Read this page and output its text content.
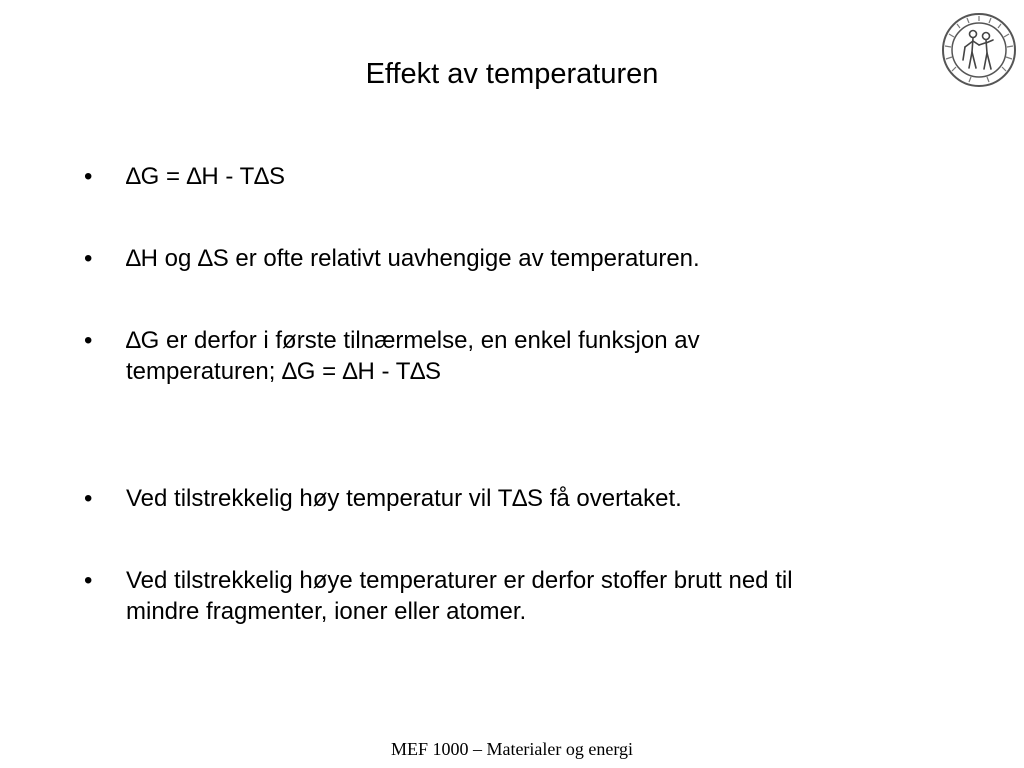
Effekt av temperaturen
•	∆G = ∆H - T∆S
•	∆H og ∆S er ofte relativt uavhengige av temperaturen.
•	∆G er derfor i første tilnærmelse, en enkel funksjon av
temperaturen; ∆G = ∆H - T∆S
•	Ved tilstrekkelig høy temperatur vil T∆S få overtaket.
•	Ved tilstrekkelig høye temperaturer er derfor stoffer brutt ned til
mindre fragmenter, ioner eller atomer.
MEF 1000 – Materialer og energi
